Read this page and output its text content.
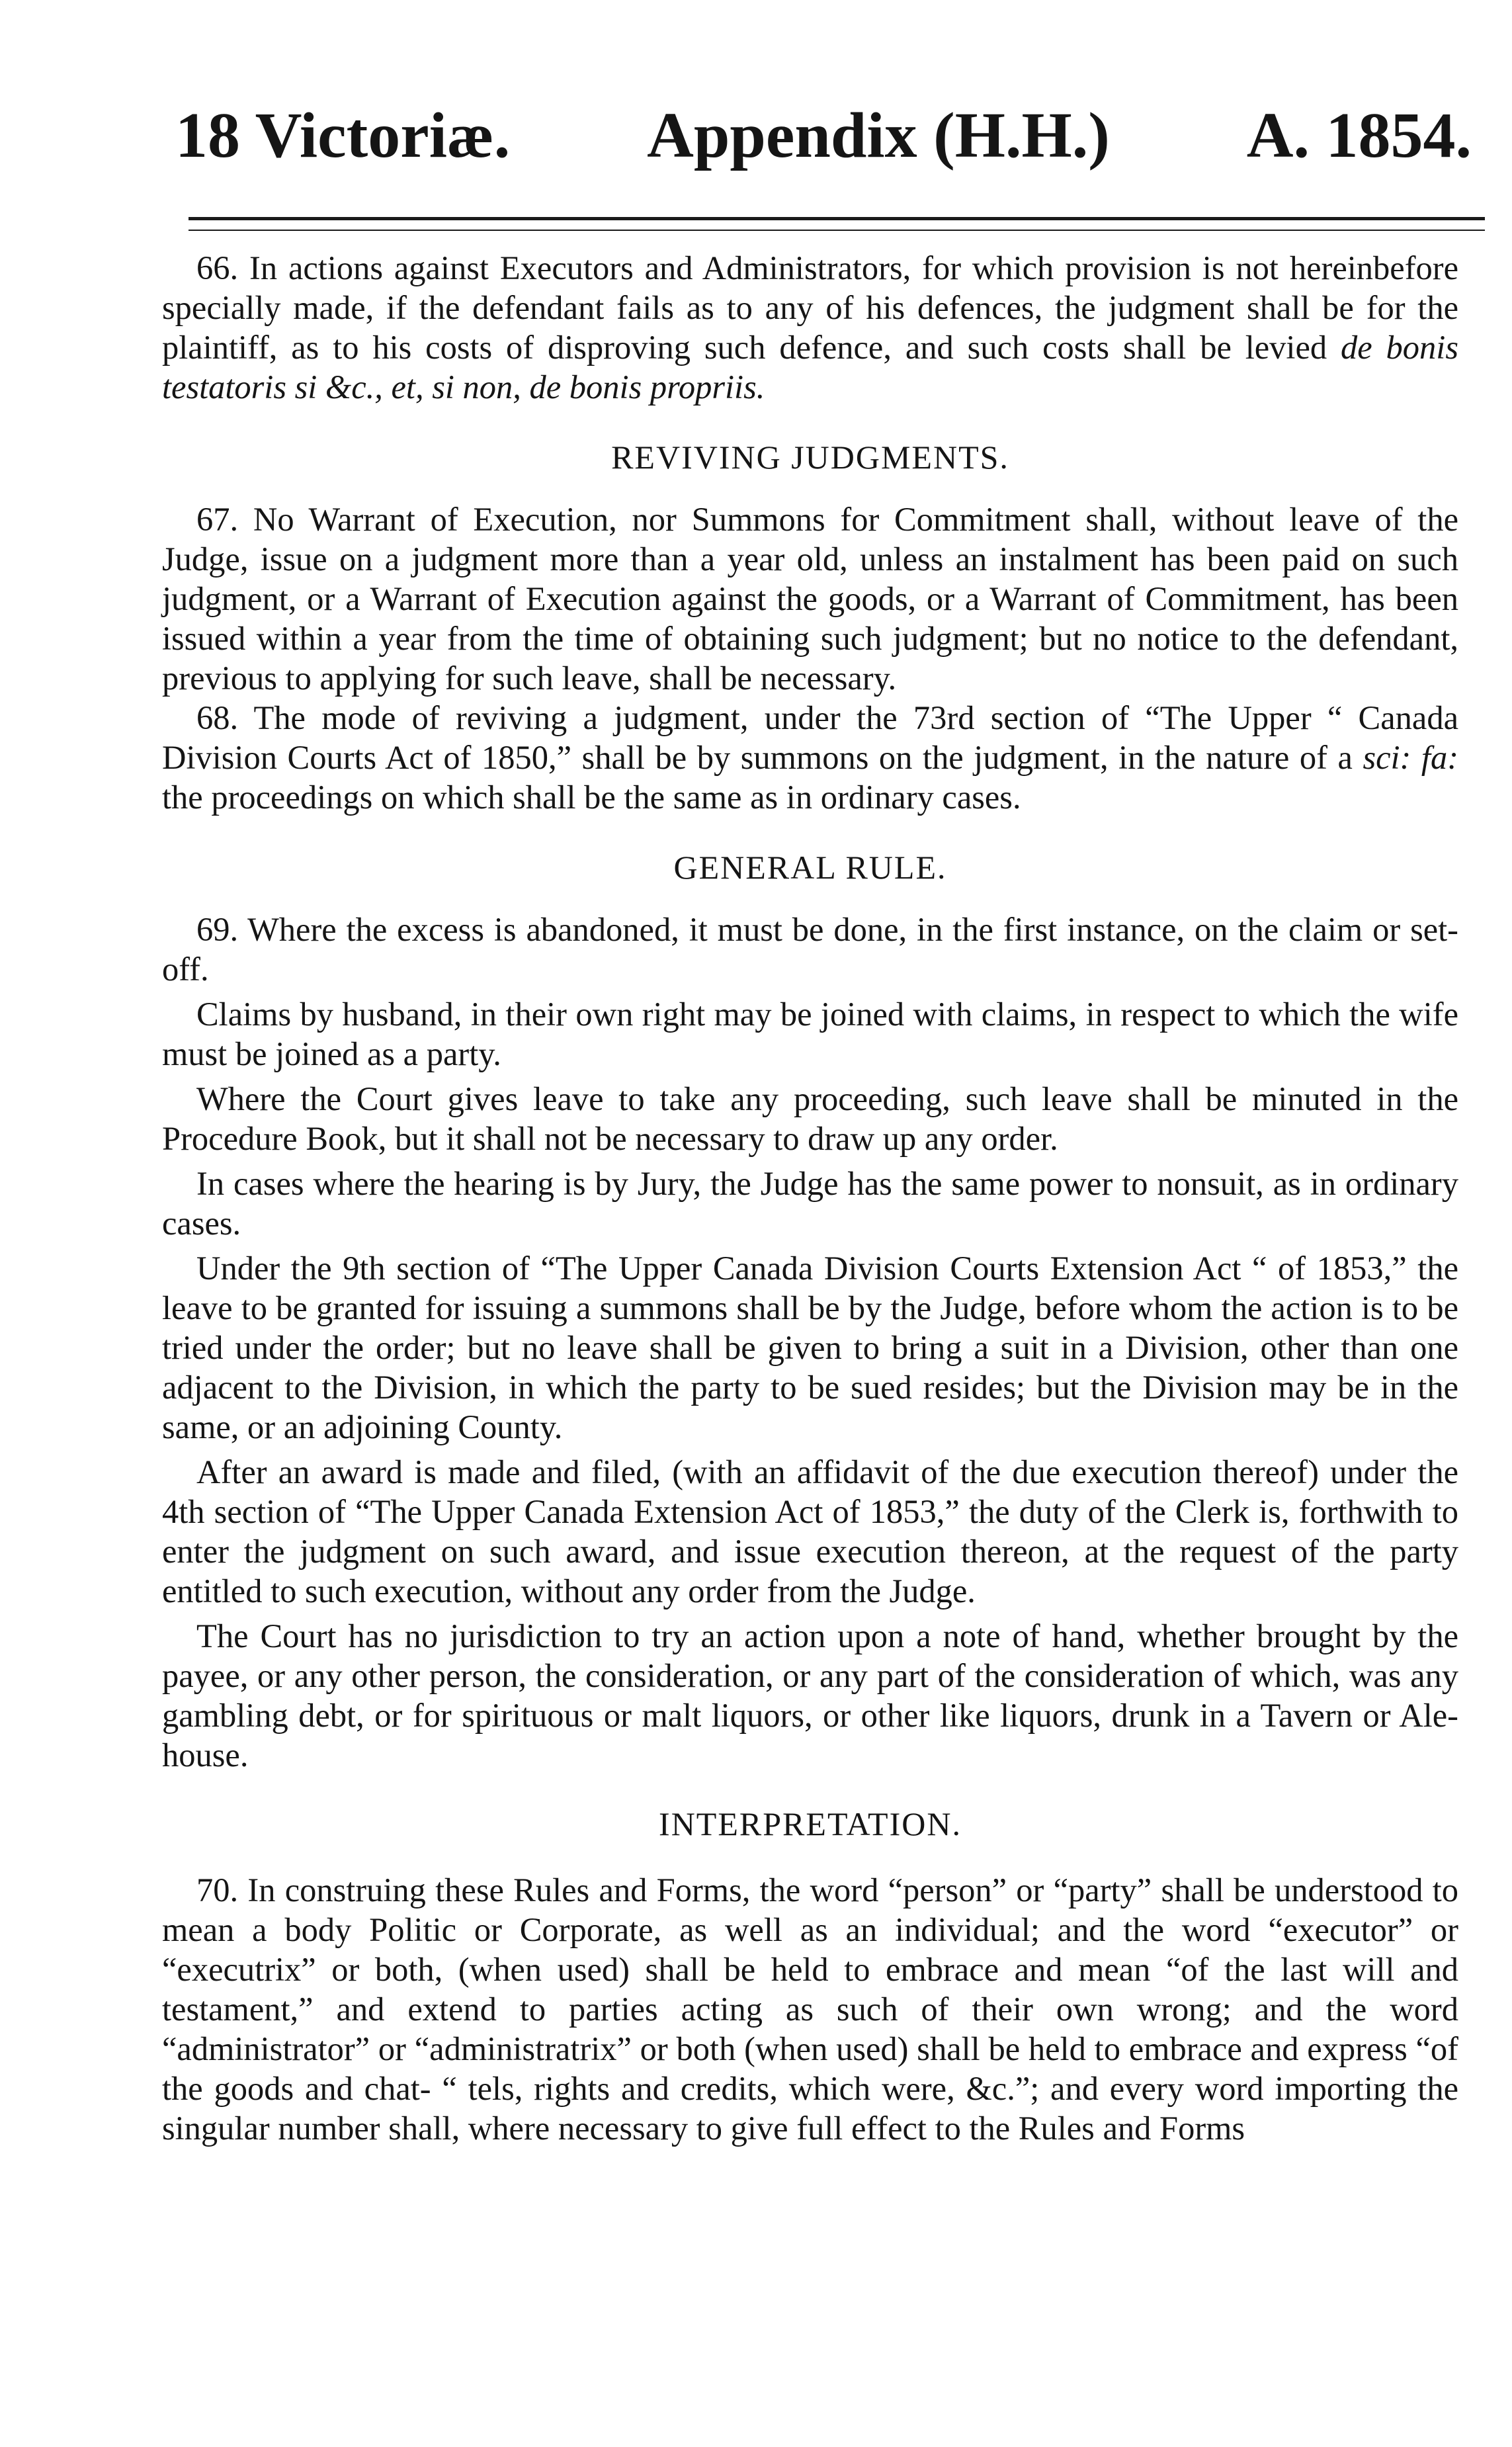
18 Victoriæ. Appendix (H.H.) A. 1854.

66. In actions against Executors and Administrators, for which provision is not hereinbefore specially made, if the defendant fails as to any of his defences, the judgment shall be for the plaintiff, as to his costs of disproving such defence, and such costs shall be levied de bonis testatoris si &c., et, si non, de bonis propriis.

REVIVING JUDGMENTS.

67. No Warrant of Execution, nor Summons for Commitment shall, without leave of the Judge, issue on a judgment more than a year old, unless an instalment has been paid on such judgment, or a Warrant of Execution against the goods, or a Warrant of Commitment, has been issued within a year from the time of obtaining such judgment; but no notice to the defendant, previous to applying for such leave, shall be necessary.

68. The mode of reviving a judgment, under the 73rd section of “The Upper “ Canada Division Courts Act of 1850,” shall be by summons on the judgment, in the nature of a sci: fa: the proceedings on which shall be the same as in ordinary cases.

GENERAL RULE.

69. Where the excess is abandoned, it must be done, in the first instance, on the claim or set-off.

Claims by husband, in their own right may be joined with claims, in respect to which the wife must be joined as a party.

Where the Court gives leave to take any proceeding, such leave shall be minuted in the Procedure Book, but it shall not be necessary to draw up any order.

In cases where the hearing is by Jury, the Judge has the same power to nonsuit, as in ordinary cases.

Under the 9th section of “The Upper Canada Division Courts Extension Act “ of 1853,” the leave to be granted for issuing a summons shall be by the Judge, before whom the action is to be tried under the order; but no leave shall be given to bring a suit in a Division, other than one adjacent to the Division, in which the party to be sued resides; but the Division may be in the same, or an adjoining County.

After an award is made and filed, (with an affidavit of the due execution thereof) under the 4th section of “The Upper Canada Extension Act of 1853,” the duty of the Clerk is, forthwith to enter the judgment on such award, and issue execution thereon, at the request of the party entitled to such execution, without any order from the Judge.

The Court has no jurisdiction to try an action upon a note of hand, whether brought by the payee, or any other person, the consideration, or any part of the consideration of which, was any gambling debt, or for spirituous or malt liquors, or other like liquors, drunk in a Tavern or Ale-house.

INTERPRETATION.

70. In construing these Rules and Forms, the word “person” or “party” shall be understood to mean a body Politic or Corporate, as well as an individual; and the word “executor” or “executrix” or both, (when used) shall be held to embrace and mean “of the last will and testament,” and extend to parties acting as such of their own wrong; and the word “administrator” or “administratrix” or both (when used) shall be held to embrace and express “of the goods and chat- “ tels, rights and credits, which were, &c.”; and every word importing the singular number shall, where necessary to give full effect to the Rules and Forms
